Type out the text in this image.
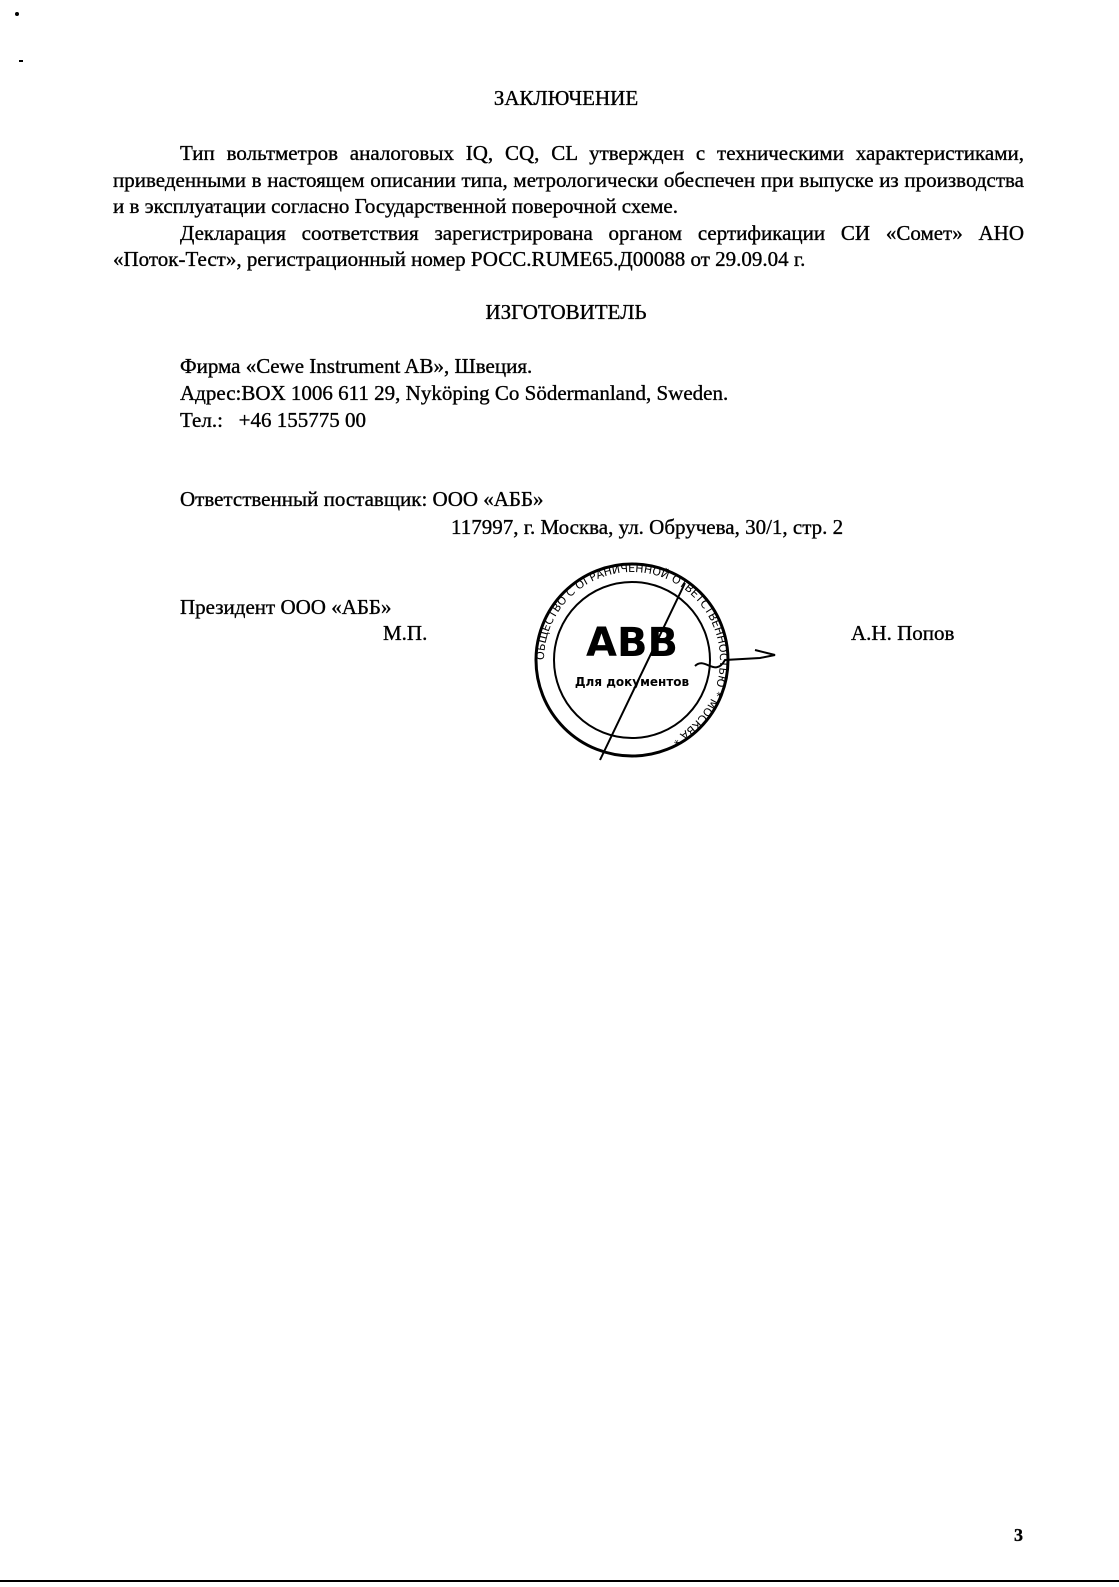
ЗАКЛЮЧЕНИЕ

Тип вольтметров аналоговых IQ, CQ, CL утвержден с техническими характеристиками, приведенными в настоящем описании типа, метрологически обеспечен при выпуске из производства и в эксплуатации согласно Государственной поверочной схеме.

Декларация соответствия зарегистрирована органом сертификации СИ «Сомет» АНО «Поток-Тест», регистрационный номер РОСС.RUME65.Д00088 от 29.09.04 г.

ИЗГОТОВИТЕЛЬ
Фирма «Cewe Instrument AB», Швеция.
Адрес:BOX 1006 611 29, Nyköping Co Södermanland, Sweden.
Тел.:   +46 155775 00
Ответственный поставщик: ООО «АББ»
117997, г. Москва, ул. Обручева, 30/1, стр. 2
Президент ООО «АББ»
М.П.	А.Н. Попов
ОБЩЕСТВО С ОГРАНИЧЕННОЙ ОТВЕТСТВЕННОСТЬЮ * МОСКВА *
ABB
Для документов
3
